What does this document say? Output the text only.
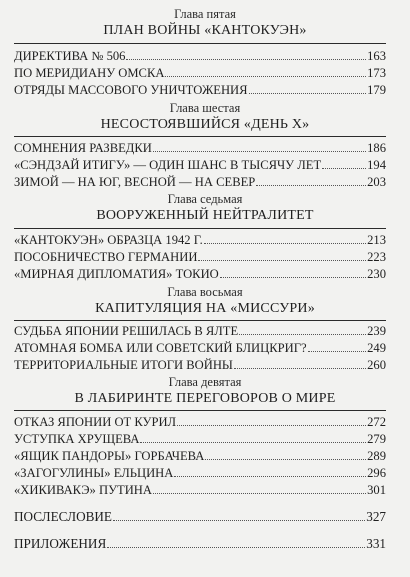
Глава пятая
ПЛАН ВОЙНЫ «КАНТОКУЭН»
ДИРЕКТИВА № 506	163
ПО МЕРИДИАНУ ОМСКА	173
ОТРЯДЫ МАССОВОГО УНИЧТОЖЕНИЯ	179
Глава шестая
НЕСОСТОЯВШИЙСЯ «ДЕНЬ Х»
СОМНЕНИЯ РАЗВЕДКИ	186
«СЭНДЗАЙ ИТИГУ» — ОДИН ШАНС В ТЫСЯЧУ ЛЕТ	194
ЗИМОЙ — НА ЮГ, ВЕСНОЙ — НА СЕВЕР	203
Глава седьмая
ВООРУЖЕННЫЙ НЕЙТРАЛИТЕТ
«КАНТОКУЭН» ОБРАЗЦА 1942 Г.	213
ПОСОБНИЧЕСТВО ГЕРМАНИИ	223
«МИРНАЯ ДИПЛОМАТИЯ» ТОКИО	230
Глава восьмая
КАПИТУЛЯЦИЯ НА «МИССУРИ»
СУДЬБА ЯПОНИИ РЕШИЛАСЬ В ЯЛТЕ	239
АТОМНАЯ БОМБА ИЛИ СОВЕТСКИЙ БЛИЦКРИГ?	249
ТЕРРИТОРИАЛЬНЫЕ ИТОГИ ВОЙНЫ	260
Глава девятая
В ЛАБИРИНТЕ ПЕРЕГОВОРОВ О МИРЕ
ОТКАЗ ЯПОНИИ ОТ КУРИЛ	272
УСТУПКА ХРУЩЕВА	279
«ЯЩИК ПАНДОРЫ» ГОРБАЧЕВА	289
«ЗАГОГУЛИНЫ» ЕЛЬЦИНА	296
«ХИКИВАКЭ» ПУТИНА	301
ПОСЛЕСЛОВИЕ	327
ПРИЛОЖЕНИЯ	331
